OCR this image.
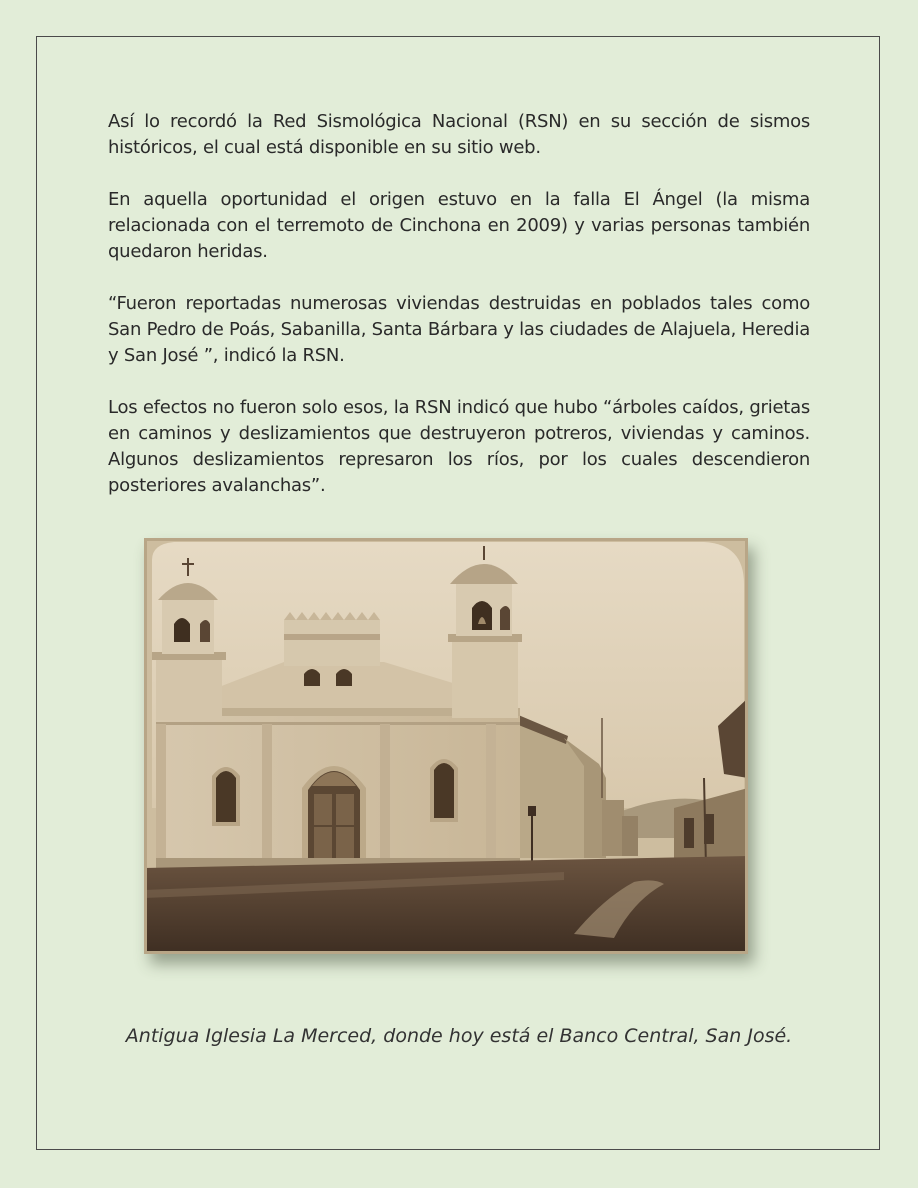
Así lo recordó la Red Sismológica Nacional (RSN) en su sección de sismos históricos, el cual está disponible en su sitio web.

En aquella oportunidad el origen estuvo en la falla El Ángel (la misma relacionada con el terremoto de Cinchona en 2009) y varias personas también quedaron heridas.

“Fueron reportadas numerosas viviendas destruidas en poblados tales como San Pedro de Poás, Sabanilla, Santa Bárbara y las ciudades de Alajuela, Heredia y San José ”, indicó la RSN.

Los efectos no fueron solo esos, la RSN indicó que hubo “árboles caídos, grietas en caminos y deslizamientos que destruyeron potreros, viviendas y caminos. Algunos deslizamientos represaron los ríos, por los cuales descendieron posteriores avalanchas”.

Antigua Iglesia La Merced, donde hoy está el Banco Central, San José.
